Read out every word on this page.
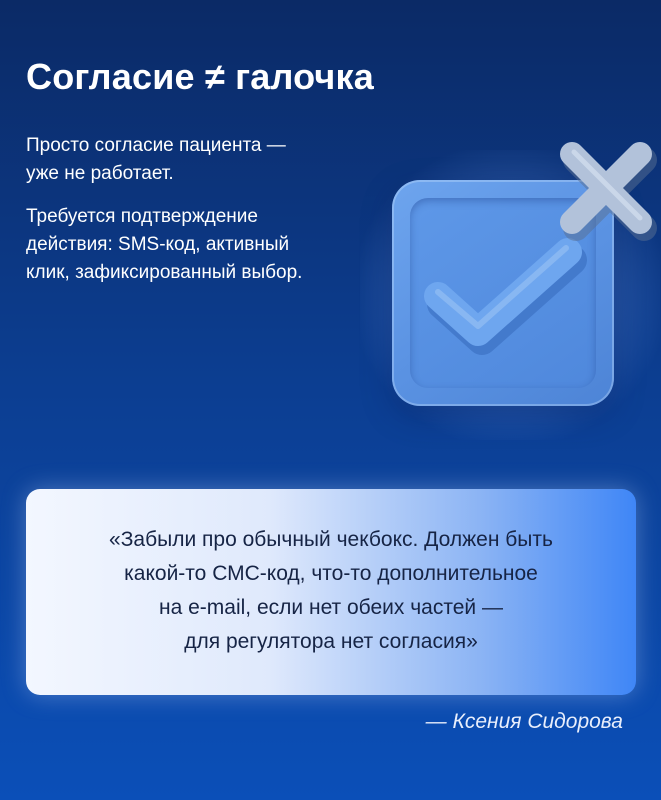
Согласие ≠ галочка
Просто согласие пациента —
уже не работает.
Требуется подтверждение
действия: SMS-код, активный
клик, зафиксированный выбор.
«Забыли про обычный чекбокс. Должен быть
какой-то СМС-код, что-то дополнительное
на e-mail, если нет обеих частей —
для регулятора нет согласия»
— Ксения Сидорова
